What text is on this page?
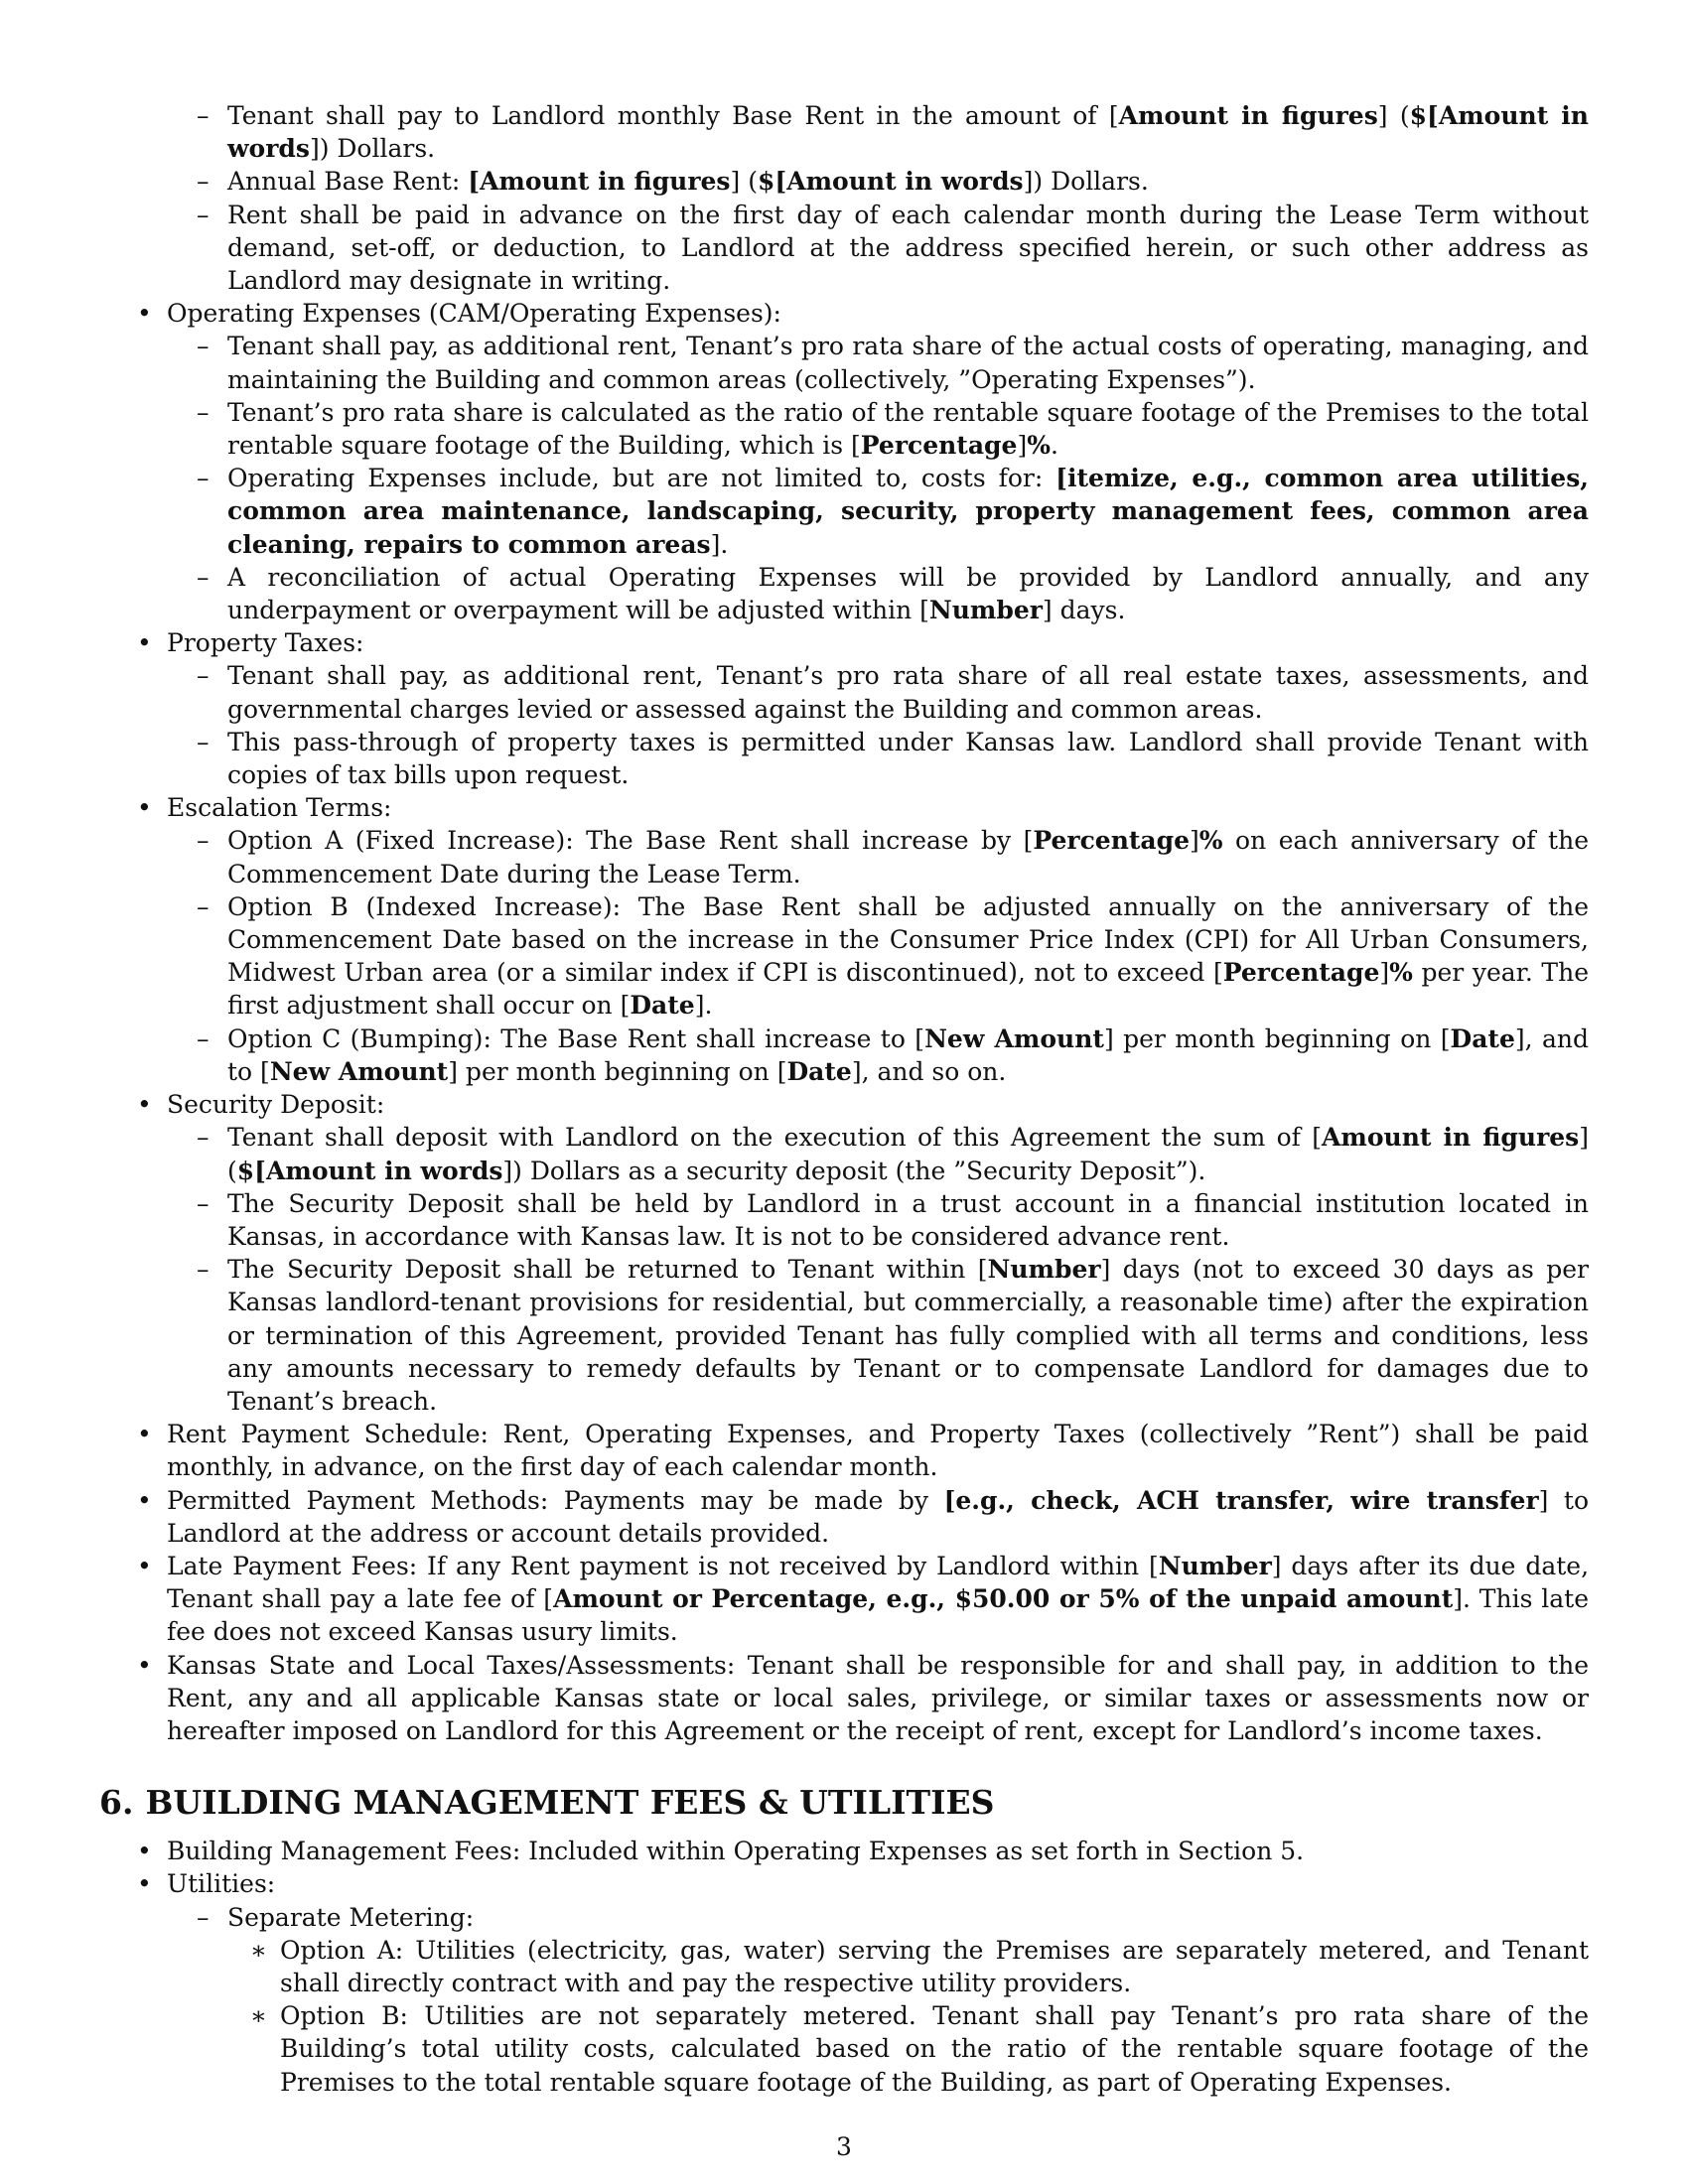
– Tenant shall pay to Landlord monthly Base Rent in the amount of [Amount in figures] ($[Amount in words]) Dollars.
– Annual Base Rent: [Amount in figures] ($[Amount in words]) Dollars.
– Rent shall be paid in advance on the first day of each calendar month during the Lease Term without demand, set-off, or deduction, to Landlord at the address specified herein, or such other address as Landlord may designate in writing.
• Operating Expenses (CAM/Operating Expenses):
– Tenant shall pay, as additional rent, Tenant’s pro rata share of the actual costs of operating, managing, and maintaining the Building and common areas (collectively, ”Operating Expenses”).
– Tenant’s pro rata share is calculated as the ratio of the rentable square footage of the Premises to the total rentable square footage of the Building, which is [Percentage]%.
– Operating Expenses include, but are not limited to, costs for: [itemize, e.g., common area utilities, common area maintenance, landscaping, security, property management fees, common area cleaning, repairs to common areas].
– A reconciliation of actual Operating Expenses will be provided by Landlord annually, and any underpayment or overpayment will be adjusted within [Number] days.
• Property Taxes:
– Tenant shall pay, as additional rent, Tenant’s pro rata share of all real estate taxes, assessments, and governmental charges levied or assessed against the Building and common areas.
– This pass-through of property taxes is permitted under Kansas law. Landlord shall provide Tenant with copies of tax bills upon request.
• Escalation Terms:
– Option A (Fixed Increase): The Base Rent shall increase by [Percentage]% on each anniversary of the Commencement Date during the Lease Term.
– Option B (Indexed Increase): The Base Rent shall be adjusted annually on the anniversary of the Commencement Date based on the increase in the Consumer Price Index (CPI) for All Urban Consumers, Midwest Urban area (or a similar index if CPI is discontinued), not to exceed [Percentage]% per year. The first adjustment shall occur on [Date].
– Option C (Bumping): The Base Rent shall increase to [New Amount] per month beginning on [Date], and to [New Amount] per month beginning on [Date], and so on.
• Security Deposit:
– Tenant shall deposit with Landlord on the execution of this Agreement the sum of [Amount in figures] ($[Amount in words]) Dollars as a security deposit (the ”Security Deposit”).
– The Security Deposit shall be held by Landlord in a trust account in a financial institution located in Kansas, in accordance with Kansas law. It is not to be considered advance rent.
– The Security Deposit shall be returned to Tenant within [Number] days (not to exceed 30 days as per Kansas landlord-tenant provisions for residential, but commercially, a reasonable time) after the expiration or termination of this Agreement, provided Tenant has fully complied with all terms and conditions, less any amounts necessary to remedy defaults by Tenant or to compensate Landlord for damages due to Tenant’s breach.
• Rent Payment Schedule: Rent, Operating Expenses, and Property Taxes (collectively ”Rent”) shall be paid monthly, in advance, on the first day of each calendar month.
• Permitted Payment Methods: Payments may be made by [e.g., check, ACH transfer, wire transfer] to Landlord at the address or account details provided.
• Late Payment Fees: If any Rent payment is not received by Landlord within [Number] days after its due date, Tenant shall pay a late fee of [Amount or Percentage, e.g., $50.00 or 5% of the unpaid amount]. This late fee does not exceed Kansas usury limits.
• Kansas State and Local Taxes/Assessments: Tenant shall be responsible for and shall pay, in addition to the Rent, any and all applicable Kansas state or local sales, privilege, or similar taxes or assessments now or hereafter imposed on Landlord for this Agreement or the receipt of rent, except for Landlord’s income taxes.
6. BUILDING MANAGEMENT FEES & UTILITIES
• Building Management Fees: Included within Operating Expenses as set forth in Section 5.
• Utilities:
– Separate Metering:
∗ Option A: Utilities (electricity, gas, water) serving the Premises are separately metered, and Tenant shall directly contract with and pay the respective utility providers.
∗ Option B: Utilities are not separately metered. Tenant shall pay Tenant’s pro rata share of the Building’s total utility costs, calculated based on the ratio of the rentable square footage of the Premises to the total rentable square footage of the Building, as part of Operating Expenses.
3
